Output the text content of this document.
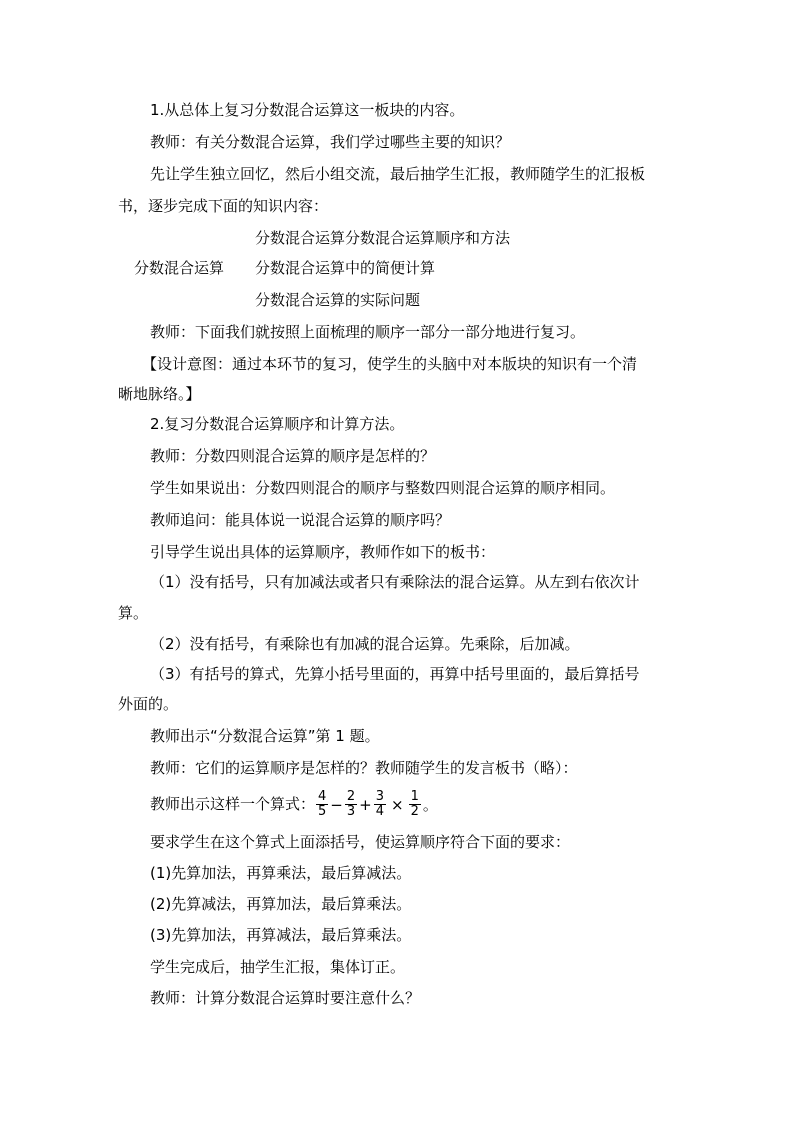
1.从总体上复习分数混合运算这一板块的内容。
教师：有关分数混合运算，我们学过哪些主要的知识？
先让学生独立回忆，然后小组交流，最后抽学生汇报，教师随学生的汇报板
书，逐步完成下面的知识内容：
分数混合运算分数混合运算顺序和方法
分数混合运算 分数混合运算中的简便计算
分数混合运算的实际问题
教师：下面我们就按照上面梳理的顺序一部分一部分地进行复习。
【设计意图：通过本环节的复习，使学生的头脑中对本版块的知识有一个清
晰地脉络。】
2.复习分数混合运算顺序和计算方法。
教师：分数四则混合运算的顺序是怎样的？
学生如果说出：分数四则混合的顺序与整数四则混合运算的顺序相同。
教师追问：能具体说一说混合运算的顺序吗？
引导学生说出具体的运算顺序，教师作如下的板书：
（1）没有括号，只有加减法或者只有乘除法的混合运算。从左到右依次计
算。
（2）没有括号，有乘除也有加减的混合运算。先乘除，后加减。
（3）有括号的算式，先算小括号里面的，再算中括号里面的，最后算括号
外面的。
教师出示“分数混合运算”第 1 题。
教师：它们的运算顺序是怎样的？教师随学生的发言板书（略）：
教师出示这样一个算式： $\frac{4}{5} - \frac{2}{3} + \frac{3}{4} \times \frac{1}{2}$ 。
要求学生在这个算式上面添括号，使运算顺序符合下面的要求：
(1)先算加法，再算乘法，最后算减法。
(2)先算减法，再算加法，最后算乘法。
(3)先算加法，再算减法，最后算乘法。
学生完成后，抽学生汇报，集体订正。
教师：计算分数混合运算时要注意什么？
